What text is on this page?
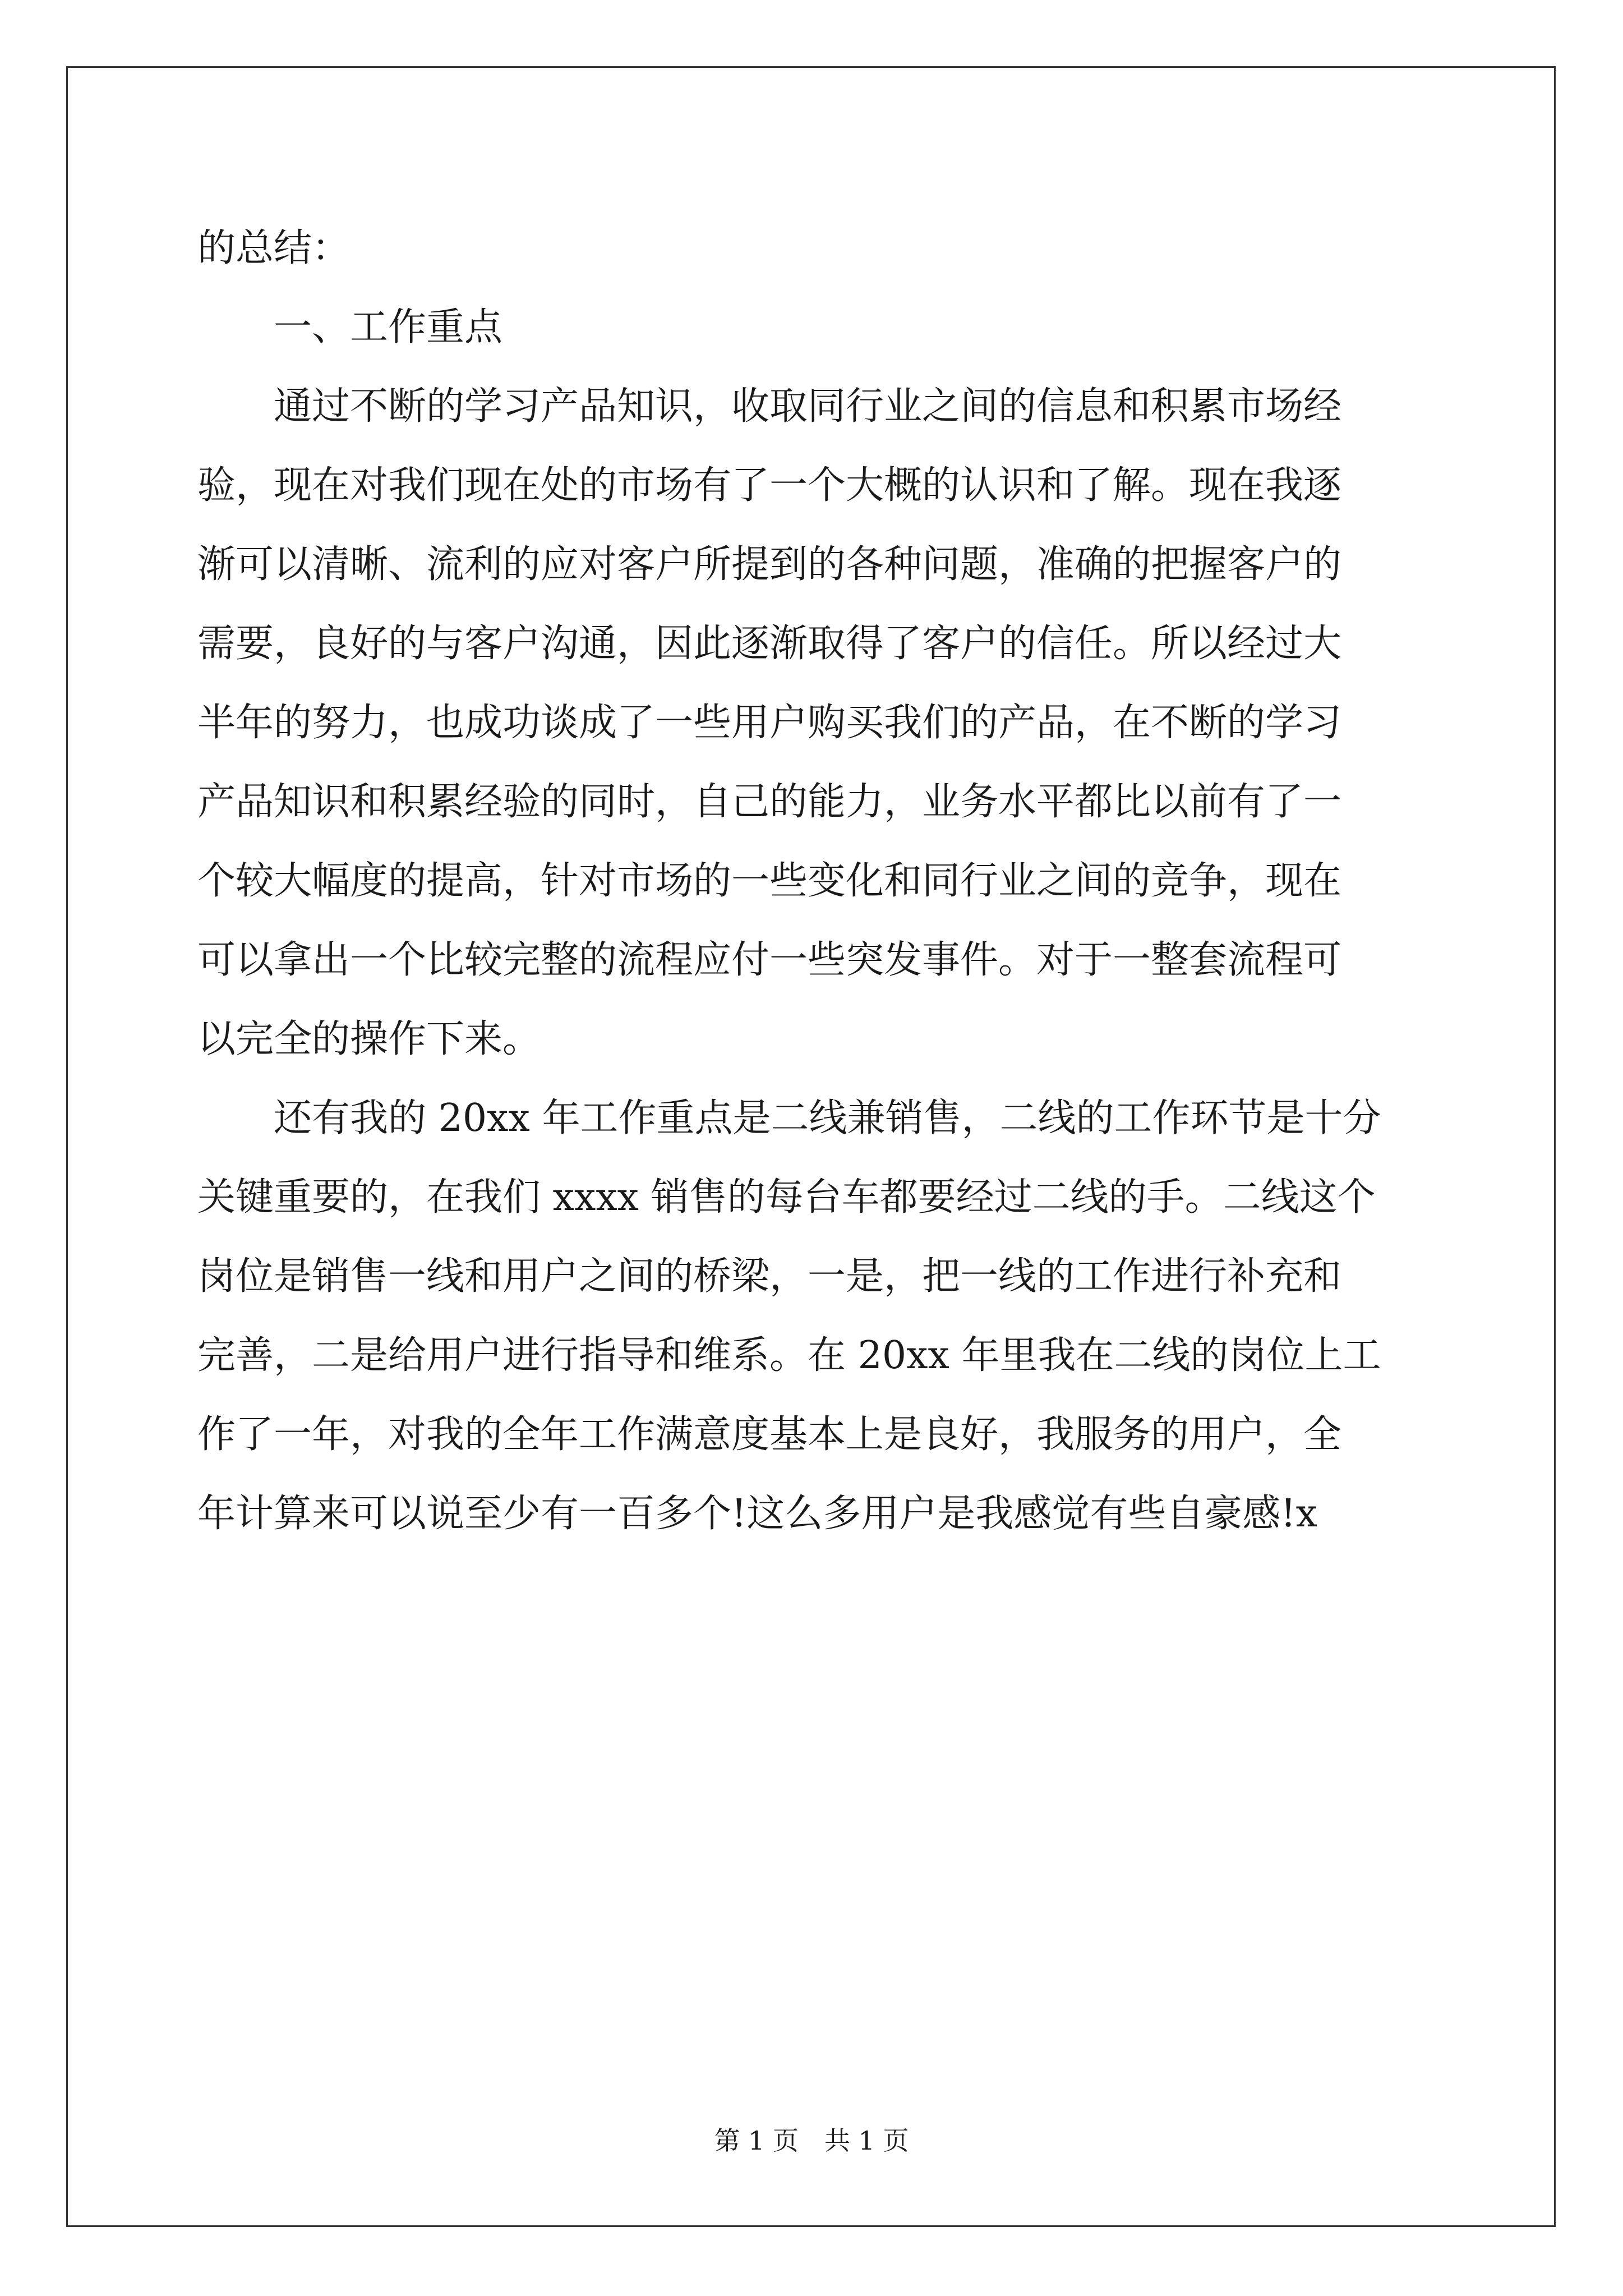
的总结：
一、工作重点
通过不断的学习产品知识，收取同行业之间的信息和积累市场经
验，现在对我们现在处的市场有了一个大概的认识和了解。现在我逐
渐可以清晰、流利的应对客户所提到的各种问题，准确的把握客户的
需要，良好的与客户沟通，因此逐渐取得了客户的信任。所以经过大
半年的努力，也成功谈成了一些用户购买我们的产品，在不断的学习
产品知识和积累经验的同时，自己的能力，业务水平都比以前有了一
个较大幅度的提高，针对市场的一些变化和同行业之间的竞争，现在
可以拿出一个比较完整的流程应付一些突发事件。对于一整套流程可
以完全的操作下来。
还有我的 20xx 年工作重点是二线兼销售，二线的工作环节是十分
关键重要的，在我们 xxxx 销售的每台车都要经过二线的手。二线这个
岗位是销售一线和用户之间的桥梁，一是，把一线的工作进行补充和
完善，二是给用户进行指导和维系。在 20xx 年里我在二线的岗位上工
作了一年，对我的全年工作满意度基本上是良好，我服务的用户，全
年计算来可以说至少有一百多个!这么多用户是我感觉有些自豪感!x
第 1 页　共 1 页
